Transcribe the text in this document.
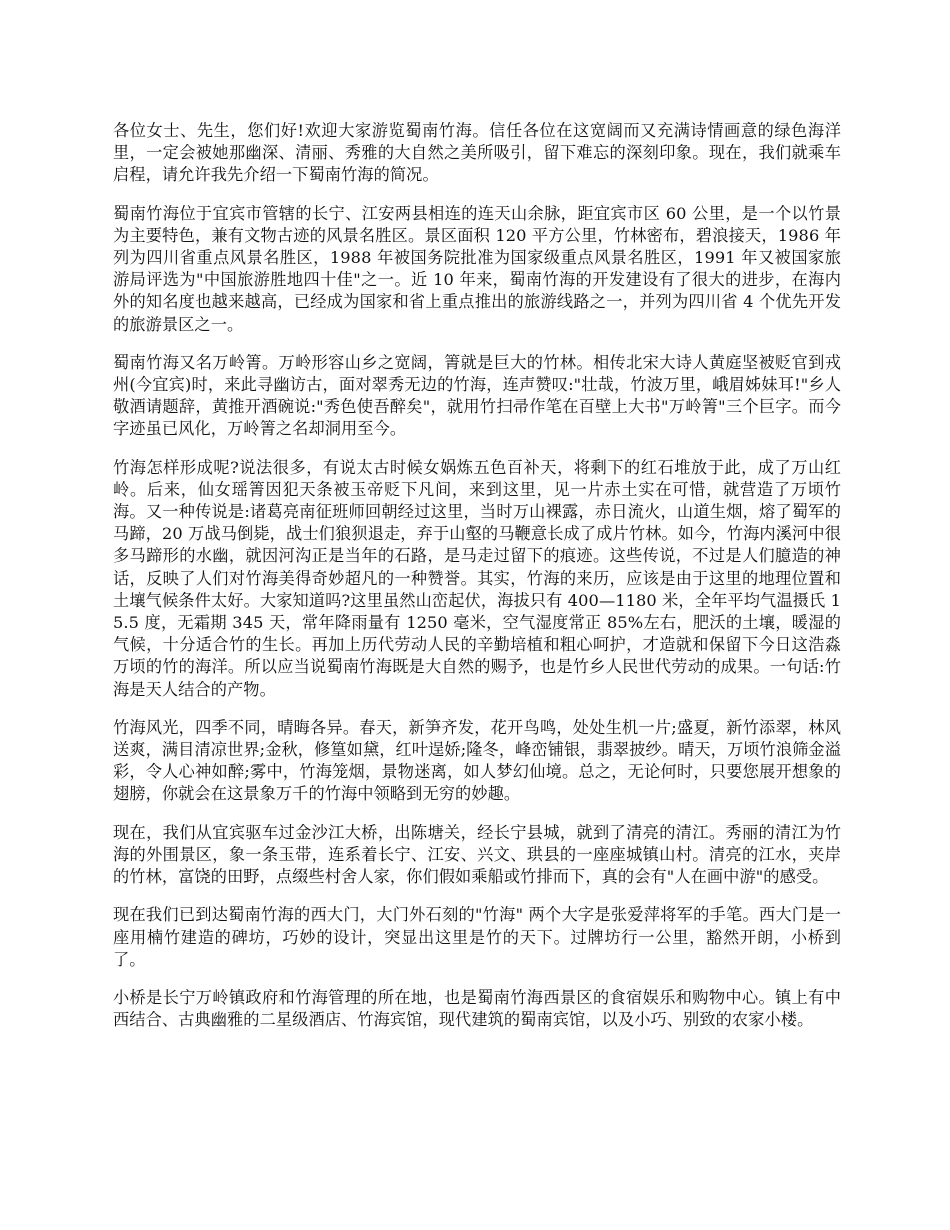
各位女士、先生，您们好!欢迎大家游览蜀南竹海。信任各位在这宽阔而又充满诗情画意的绿色海洋里，一定会被她那幽深、清丽、秀雅的大自然之美所吸引，留下难忘的深刻印象。现在，我们就乘车启程，请允许我先介绍一下蜀南竹海的简况。

蜀南竹海位于宜宾市管辖的长宁、江安两县相连的连天山余脉，距宜宾市区 60 公里，是一个以竹景为主要特色，兼有文物古迹的风景名胜区。景区面积 120 平方公里，竹林密布，碧浪接天，1986 年列为四川省重点风景名胜区，1988 年被国务院批准为国家级重点风景名胜区，1991 年又被国家旅游局评选为"中国旅游胜地四十佳"之一。近 10 年来，蜀南竹海的开发建设有了很大的进步，在海内外的知名度也越来越高，已经成为国家和省上重点推出的旅游线路之一，并列为四川省 4 个优先开发的旅游景区之一。

蜀南竹海又名万岭箐。万岭形容山乡之宽阔，箐就是巨大的竹林。相传北宋大诗人黄庭坚被贬官到戎州(今宜宾)时，来此寻幽访古，面对翠秀无边的竹海，连声赞叹:"壮哉，竹波万里，峨眉姊妹耳!"乡人敬酒请题辞，黄推开酒碗说:"秀色使吾醉矣"，就用竹扫帚作笔在百壁上大书"万岭箐"三个巨字。而今字迹虽已风化，万岭箐之名却洞用至今。

竹海怎样形成呢?说法很多，有说太古时候女娲炼五色百补天，将剩下的红石堆放于此，成了万山红岭。后来，仙女瑶箐因犯天条被玉帝贬下凡间，来到这里，见一片赤土实在可惜，就营造了万顷竹海。又一种传说是:诸葛亮南征班师回朝经过这里，当时万山裸露，赤日流火，山道生烟，熔了蜀军的马蹄，20 万战马倒毙，战士们狼狈退走，弃于山壑的马鞭意长成了成片竹林。如今，竹海内溪河中很多马蹄形的水幽，就因河沟正是当年的石路，是马走过留下的痕迹。这些传说，不过是人们臆造的神话，反映了人们对竹海美得奇妙超凡的一种赞誉。其实，竹海的来历，应该是由于这里的地理位置和土壤气候条件太好。大家知道吗?这里虽然山峦起伏，海拔只有 400—1180 米，全年平均气温摄氏 15.5 度，无霜期 345 天，常年降雨量有 1250 毫米，空气湿度常正 85%左右，肥沃的土壤，暖湿的气候，十分适合竹的生长。再加上历代劳动人民的辛勤培植和粗心呵护，才造就和保留下今日这浩淼万顷的竹的海洋。所以应当说蜀南竹海既是大自然的赐予，也是竹乡人民世代劳动的成果。一句话:竹海是天人结合的产物。

竹海风光，四季不同，晴晦各异。春天，新笋齐发，花开鸟鸣，处处生机一片;盛夏，新竹添翠，林风送爽，满目清凉世界;金秋，修篁如黛，红叶逞娇;隆冬，峰峦铺银，翡翠披纱。晴天，万顷竹浪筛金溢彩，令人心神如醉;雾中，竹海笼烟，景物迷离，如人梦幻仙境。总之，无论何时，只要您展开想象的翅膀，你就会在这景象万千的竹海中领略到无穷的妙趣。

现在，我们从宜宾驱车过金沙江大桥，出陈塘关，经长宁县城，就到了清亮的清江。秀丽的清江为竹海的外围景区，象一条玉带，连系着长宁、江安、兴文、珙县的一座座城镇山村。清亮的江水，夹岸的竹林，富饶的田野，点缀些村舍人家，你们假如乘船或竹排而下，真的会有"人在画中游"的感受。

现在我们已到达蜀南竹海的西大门，大门外石刻的"竹海" 两个大字是张爱萍将军的手笔。西大门是一座用楠竹建造的碑坊，巧妙的设计，突显出这里是竹的天下。过牌坊行一公里，豁然开朗，小桥到了。

小桥是长宁万岭镇政府和竹海管理的所在地，也是蜀南竹海西景区的食宿娱乐和购物中心。镇上有中西结合、古典幽雅的二星级酒店、竹海宾馆，现代建筑的蜀南宾馆，以及小巧、别致的农家小楼。
